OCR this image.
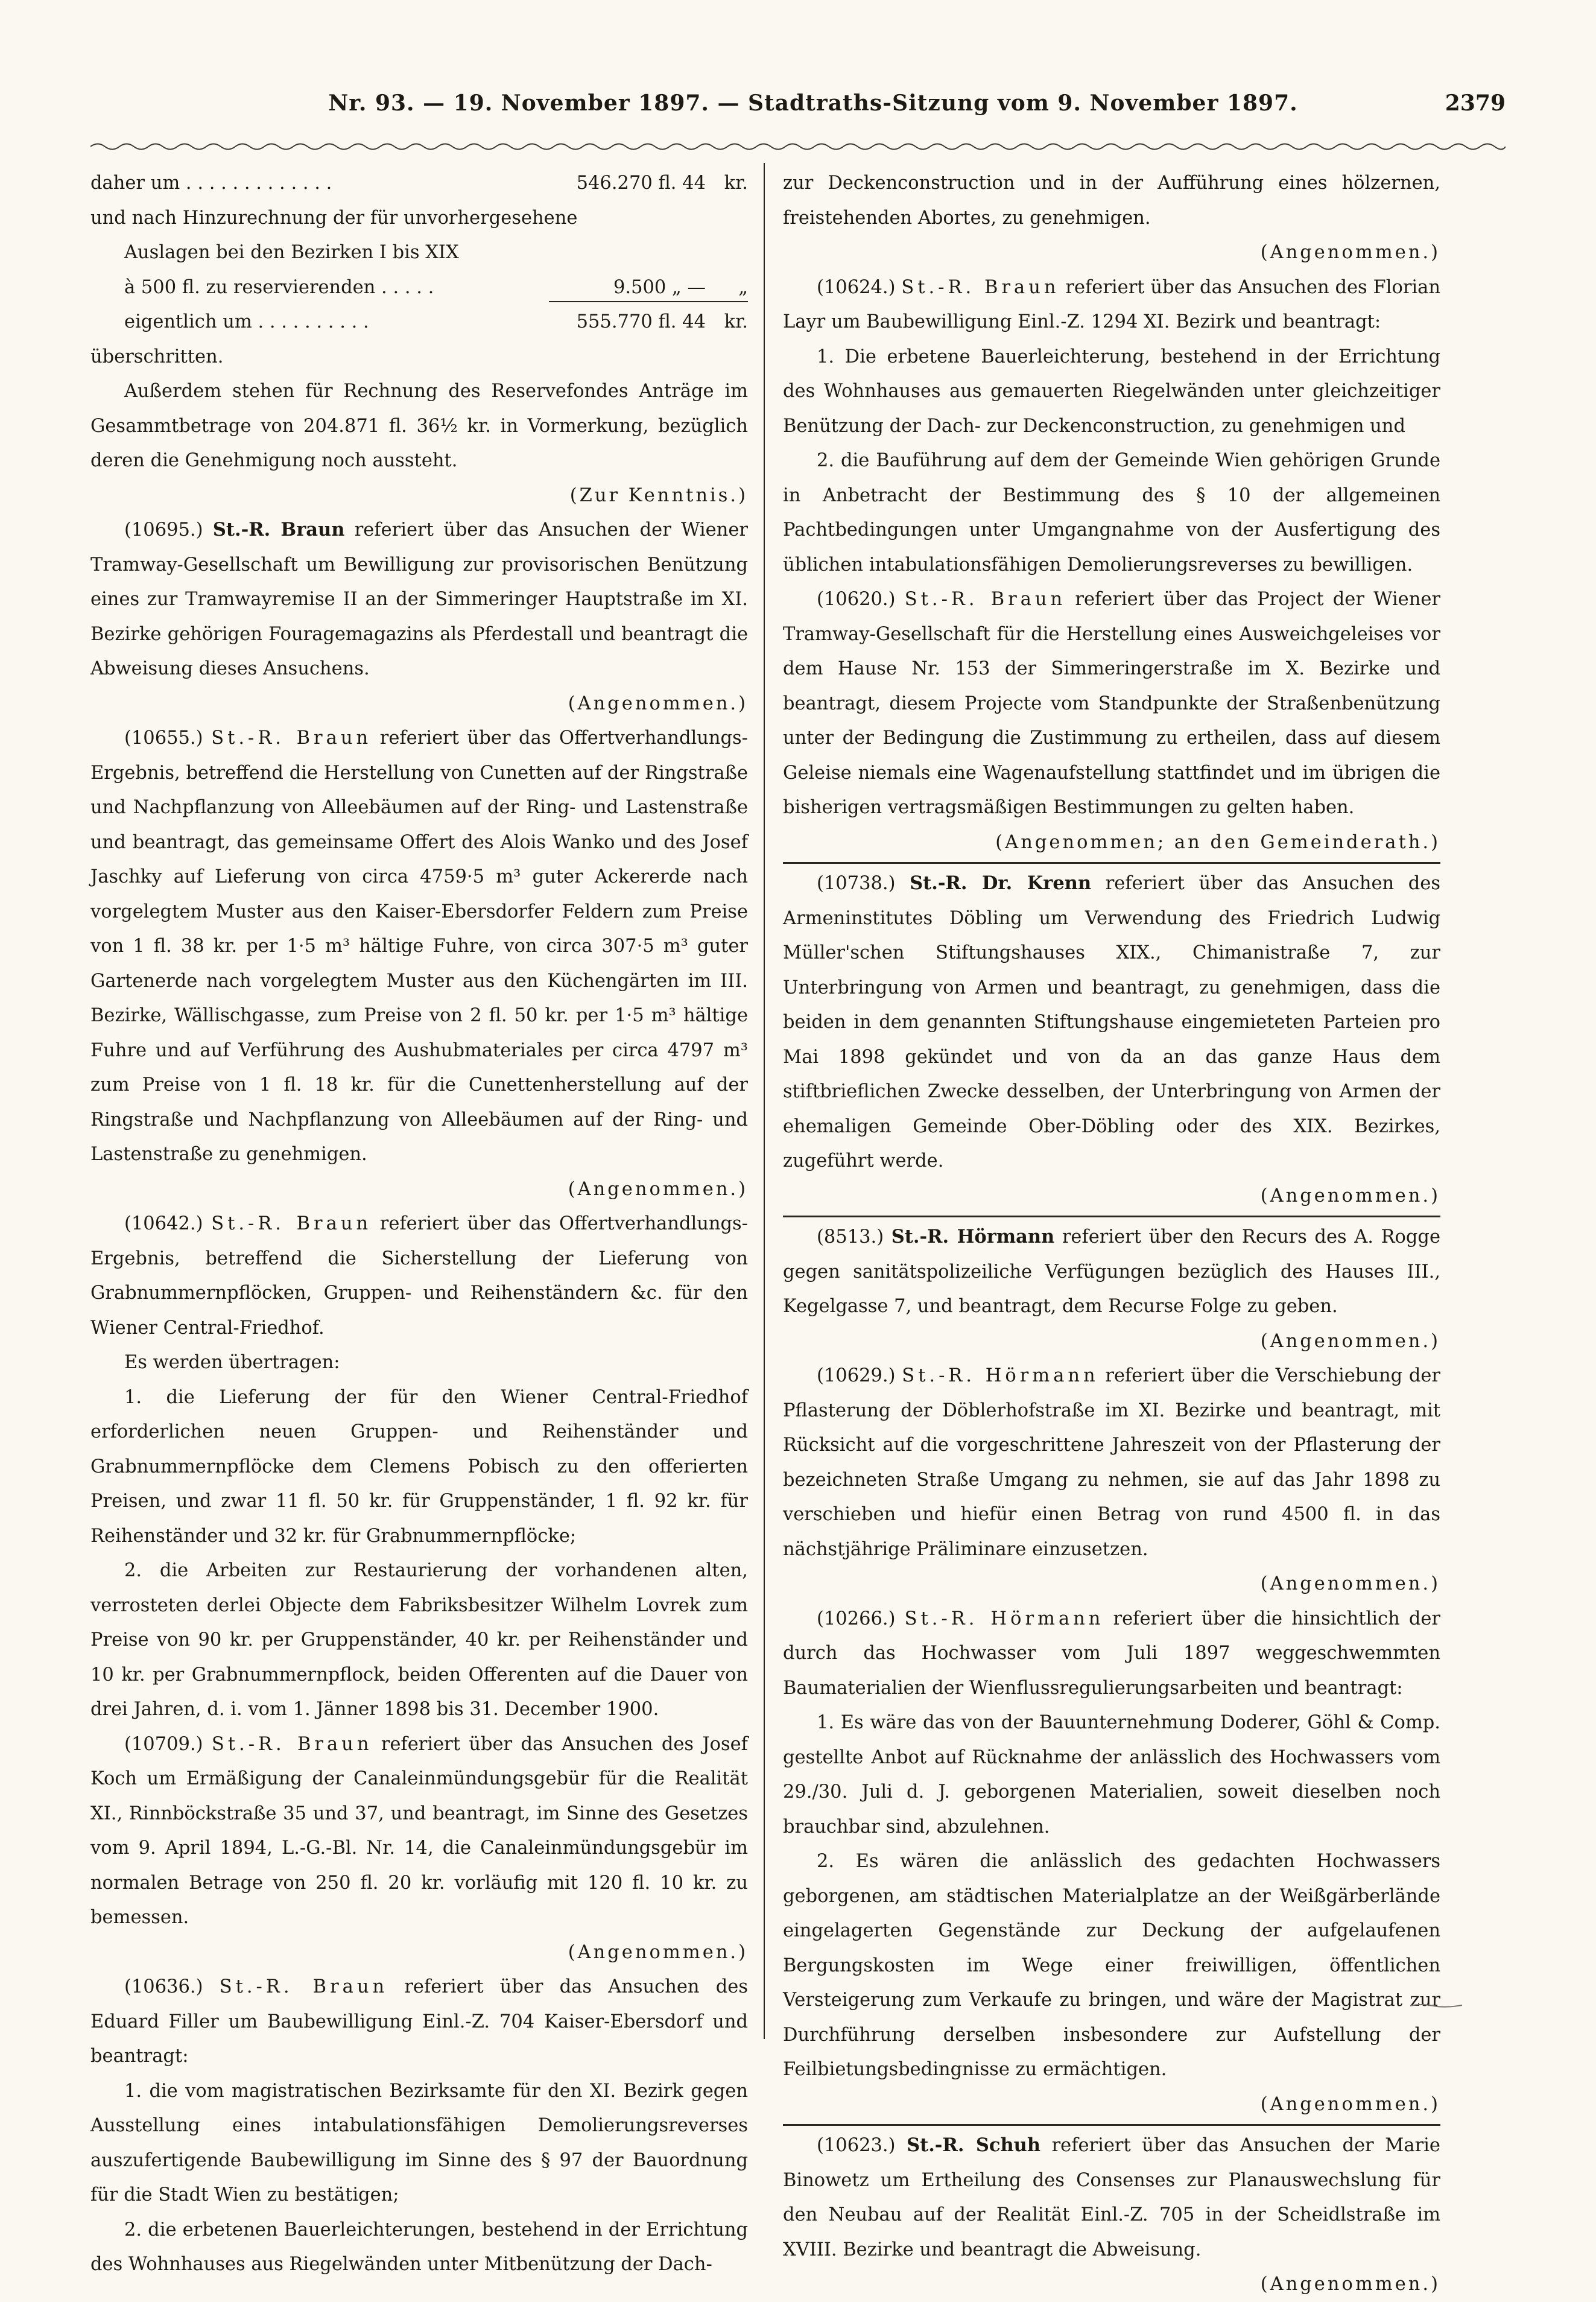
Nr. 93. — 19. November 1897. — Stadtraths-Sitzung vom 9. November 1897.	2379
daher um . . . . . . . . . . . . .	546.270 fl. 44	kr.
und nach Hinzurechnung der für unvorhergesehene
Auslagen bei den Bezirken I bis XIX
à 500 fl. zu reservierenden . . . . .	9.500 „ —	„
eigentlich um . . . . . . . . . .	555.770 fl. 44	kr.
überschritten.

Außerdem stehen für Rechnung des Reservefondes Anträge im Gesammtbetrage von 204.871 fl. 36½ kr. in Vormerkung, bezüglich deren die Genehmigung noch aussteht.

(Zur Kenntnis.)

(10695.) St.-R. Braun referiert über das Ansuchen der Wiener Tramway-Gesellschaft um Bewilligung zur provisorischen Benützung eines zur Tramwayremise II an der Simmeringer Hauptstraße im XI. Bezirke gehörigen Fouragemagazins als Pferdestall und beantragt die Abweisung dieses Ansuchens.

(Angenommen.)

(10655.) St.-R. Braun referiert über das Offertverhandlungs-Ergebnis, betreffend die Herstellung von Cunetten auf der Ringstraße und Nachpflanzung von Alleebäumen auf der Ring- und Lastenstraße und beantragt, das gemeinsame Offert des Alois Wanko und des Josef Jaschky auf Lieferung von circa 4759·5 m³ guter Ackererde nach vorgelegtem Muster aus den Kaiser-Ebersdorfer Feldern zum Preise von 1 fl. 38 kr. per 1·5 m³ hältige Fuhre, von circa 307·5 m³ guter Gartenerde nach vorgelegtem Muster aus den Küchengärten im III. Bezirke, Wällischgasse, zum Preise von 2 fl. 50 kr. per 1·5 m³ hältige Fuhre und auf Verführung des Aushubmateriales per circa 4797 m³ zum Preise von 1 fl. 18 kr. für die Cunettenherstellung auf der Ringstraße und Nachpflanzung von Alleebäumen auf der Ring- und Lastenstraße zu genehmigen.

(Angenommen.)

(10642.) St.-R. Braun referiert über das Offertverhandlungs-Ergebnis, betreffend die Sicherstellung der Lieferung von Grabnummernpflöcken, Gruppen- und Reihenständern &c. für den Wiener Central-Friedhof.

Es werden übertragen:

1. die Lieferung der für den Wiener Central-Friedhof erforderlichen neuen Gruppen- und Reihenständer und Grabnummernpflöcke dem Clemens Pobisch zu den offerierten Preisen, und zwar 11 fl. 50 kr. für Gruppenständer, 1 fl. 92 kr. für Reihenständer und 32 kr. für Grabnummernpflöcke;

2. die Arbeiten zur Restaurierung der vorhandenen alten, verrosteten derlei Objecte dem Fabriksbesitzer Wilhelm Lovrek zum Preise von 90 kr. per Gruppenständer, 40 kr. per Reihenständer und 10 kr. per Grabnummernpflock, beiden Offerenten auf die Dauer von drei Jahren, d. i. vom 1. Jänner 1898 bis 31. December 1900.

(10709.) St.-R. Braun referiert über das Ansuchen des Josef Koch um Ermäßigung der Canaleinmündungsgebür für die Realität XI., Rinnböckstraße 35 und 37, und beantragt, im Sinne des Gesetzes vom 9. April 1894, L.-G.-Bl. Nr. 14, die Canaleinmündungsgebür im normalen Betrage von 250 fl. 20 kr. vorläufig mit 120 fl. 10 kr. zu bemessen.

(Angenommen.)

(10636.) St.-R. Braun referiert über das Ansuchen des Eduard Filler um Baubewilligung Einl.-Z. 704 Kaiser-Ebersdorf und beantragt:

1. die vom magistratischen Bezirksamte für den XI. Bezirk gegen Ausstellung eines intabulationsfähigen Demolierungsreverses auszufertigende Baubewilligung im Sinne des § 97 der Bauordnung für die Stadt Wien zu bestätigen;

2. die erbetenen Bauerleichterungen, bestehend in der Errichtung des Wohnhauses aus Riegelwänden unter Mitbenützung der Dach-

zur Deckenconstruction und in der Aufführung eines hölzernen, freistehenden Abortes, zu genehmigen.

(Angenommen.)

(10624.) St.-R. Braun referiert über das Ansuchen des Florian Layr um Baubewilligung Einl.-Z. 1294 XI. Bezirk und beantragt:

1. Die erbetene Bauerleichterung, bestehend in der Errichtung des Wohnhauses aus gemauerten Riegelwänden unter gleichzeitiger Benützung der Dach- zur Deckenconstruction, zu genehmigen und

2. die Bauführung auf dem der Gemeinde Wien gehörigen Grunde in Anbetracht der Bestimmung des § 10 der allgemeinen Pachtbedingungen unter Umgangnahme von der Ausfertigung des üblichen intabulationsfähigen Demolierungsreverses zu bewilligen.

(10620.) St.-R. Braun referiert über das Project der Wiener Tramway-Gesellschaft für die Herstellung eines Ausweichgeleises vor dem Hause Nr. 153 der Simmeringerstraße im X. Bezirke und beantragt, diesem Projecte vom Standpunkte der Straßenbenützung unter der Bedingung die Zustimmung zu ertheilen, dass auf diesem Geleise niemals eine Wagenaufstellung stattfindet und im übrigen die bisherigen vertragsmäßigen Bestimmungen zu gelten haben.

(Angenommen; an den Gemeinderath.)

(10738.) St.-R. Dr. Krenn referiert über das Ansuchen des Armeninstitutes Döbling um Verwendung des Friedrich Ludwig Müller'schen Stiftungshauses XIX., Chimanistraße 7, zur Unterbringung von Armen und beantragt, zu genehmigen, dass die beiden in dem genannten Stiftungshause eingemieteten Parteien pro Mai 1898 gekündet und von da an das ganze Haus dem stiftbrieflichen Zwecke desselben, der Unterbringung von Armen der ehemaligen Gemeinde Ober-Döbling oder des XIX. Bezirkes, zugeführt werde.

(Angenommen.)

(8513.) St.-R. Hörmann referiert über den Recurs des A. Rogge gegen sanitätspolizeiliche Verfügungen bezüglich des Hauses III., Kegelgasse 7, und beantragt, dem Recurse Folge zu geben.

(Angenommen.)

(10629.) St.-R. Hörmann referiert über die Verschiebung der Pflasterung der Döblerhofstraße im XI. Bezirke und beantragt, mit Rücksicht auf die vorgeschrittene Jahreszeit von der Pflasterung der bezeichneten Straße Umgang zu nehmen, sie auf das Jahr 1898 zu verschieben und hiefür einen Betrag von rund 4500 fl. in das nächstjährige Präliminare einzusetzen.

(Angenommen.)

(10266.) St.-R. Hörmann referiert über die hinsichtlich der durch das Hochwasser vom Juli 1897 weggeschwemmten Baumaterialien der Wienflussregulierungsarbeiten und beantragt:

1. Es wäre das von der Bauunternehmung Doderer, Göhl & Comp. gestellte Anbot auf Rücknahme der anlässlich des Hochwassers vom 29./30. Juli d. J. geborgenen Materialien, soweit dieselben noch brauchbar sind, abzulehnen.

2. Es wären die anlässlich des gedachten Hochwassers geborgenen, am städtischen Materialplatze an der Weißgärberlände eingelagerten Gegenstände zur Deckung der aufgelaufenen Bergungskosten im Wege einer freiwilligen, öffentlichen Versteigerung zum Verkaufe zu bringen, und wäre der Magistrat zur Durchführung derselben insbesondere zur Aufstellung der Feilbietungsbedingnisse zu ermächtigen.

(Angenommen.)

(10623.) St.-R. Schuh referiert über das Ansuchen der Marie Binowetz um Ertheilung des Consenses zur Planauswechslung für den Neubau auf der Realität Einl.-Z. 705 in der Scheidlstraße im XVIII. Bezirke und beantragt die Abweisung.

(Angenommen.)
